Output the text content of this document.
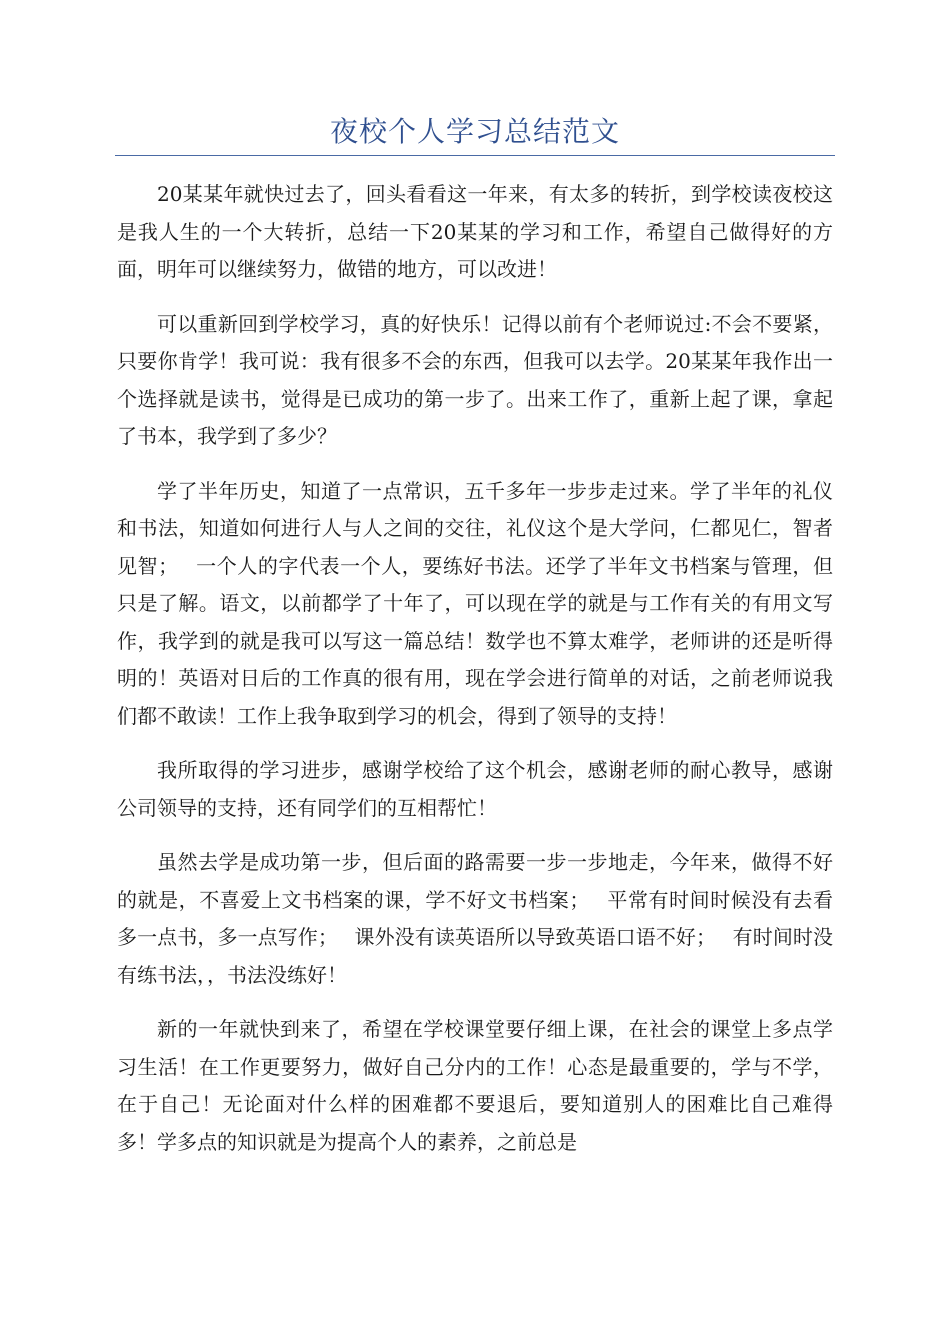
夜校个人学习总结范文

20某某年就快过去了，回头看看这一年来，有太多的转折，到学校读夜校这是我人生的一个大转折，总结一下20某某的学习和工作，希望自己做得好的方面，明年可以继续努力，做错的地方，可以改进！

可以重新回到学校学习，真的好快乐！记得以前有个老师说过:不会不要紧，只要你肯学！我可说：我有很多不会的东西，但我可以去学。20某某年我作出一个选择就是读书，觉得是已成功的第一步了。出来工作了，重新上起了课，拿起了书本，我学到了多少？

学了半年历史，知道了一点常识，五千多年一步步走过来。学了半年的礼仪和书法，知道如何进行人与人之间的交往，礼仪这个是大学问，仁都见仁，智者见智；　 一个人的字代表一个人，要练好书法。还学了半年文书档案与管理，但只是了解。语文，以前都学了十年了，可以现在学的就是与工作有关的有用文写作，我学到的就是我可以写这一篇总结！数学也不算太难学，老师讲的还是听得明的！英语对日后的工作真的很有用，现在学会进行简单的对话，之前老师说我们都不敢读！工作上我争取到学习的机会，得到了领导的支持！

我所取得的学习进步，感谢学校给了这个机会，感谢老师的耐心教导，感谢公司领导的支持，还有同学们的互相帮忙！

虽然去学是成功第一步，但后面的路需要一步一步地走，今年来，做得不好的就是，不喜爱上文书档案的课，学不好文书档案；　 平常有时间时候没有去看多一点书，多一点写作；　 课外没有读英语所以导致英语口语不好；　 有时间时没有练书法，，书法没练好！

新的一年就快到来了，希望在学校课堂要仔细上课，在社会的课堂上多点学习生活！在工作更要努力，做好自己分内的工作！心态是最重要的，学与不学，在于自己！无论面对什么样的困难都不要退后，要知道别人的困难比自己难得多！学多点的知识就是为提高个人的素养，之前总是
